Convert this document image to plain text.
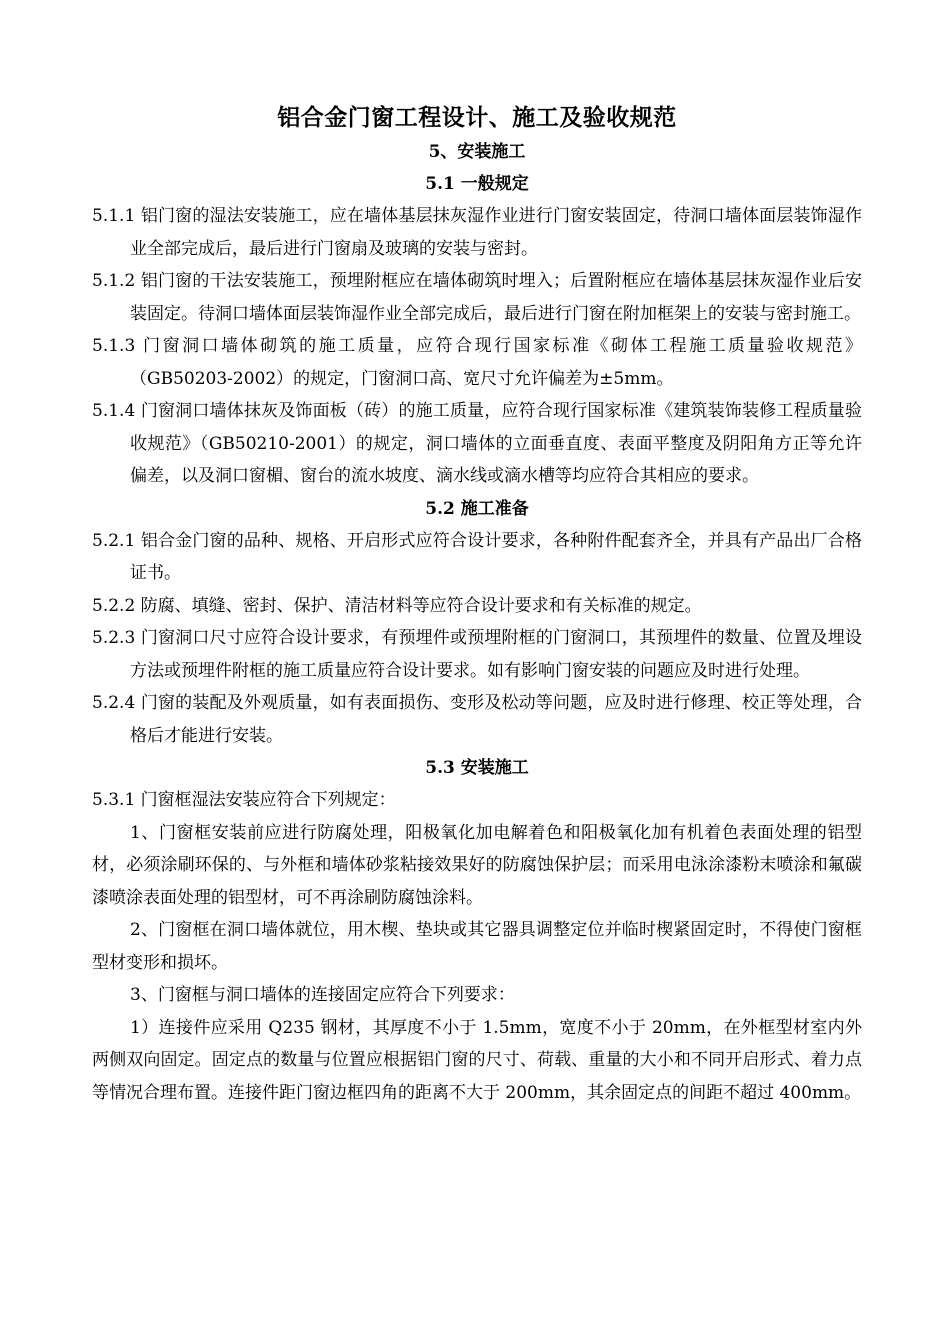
铝合金门窗工程设计、施工及验收规范
5、安装施工
5.1 一般规定

5.1.1 铝门窗的湿法安装施工，应在墙体基层抹灰湿作业进行门窗安装固定，待洞口墙体面层装饰湿作业全部完成后，最后进行门窗扇及玻璃的安装与密封。

5.1.2 铝门窗的干法安装施工，预埋附框应在墙体砌筑时埋入；后置附框应在墙体基层抹灰湿作业后安装固定。待洞口墙体面层装饰湿作业全部完成后，最后进行门窗在附加框架上的安装与密封施工。

5.1.3 门窗洞口墙体砌筑的施工质量，应符合现行国家标准《砌体工程施工质量验收规范》（GB50203-2002）的规定，门窗洞口高、宽尺寸允许偏差为±5mm。

5.1.4 门窗洞口墙体抹灰及饰面板（砖）的施工质量，应符合现行国家标准《建筑装饰装修工程质量验收规范》（GB50210-2001）的规定，洞口墙体的立面垂直度、表面平整度及阴阳角方正等允许偏差，以及洞口窗楣、窗台的流水坡度、滴水线或滴水槽等均应符合其相应的要求。

5.2 施工准备

5.2.1 铝合金门窗的品种、规格、开启形式应符合设计要求，各种附件配套齐全，并具有产品出厂合格证书。

5.2.2 防腐、填缝、密封、保护、清洁材料等应符合设计要求和有关标准的规定。

5.2.3 门窗洞口尺寸应符合设计要求，有预埋件或预埋附框的门窗洞口，其预埋件的数量、位置及埋设方法或预埋件附框的施工质量应符合设计要求。如有影响门窗安装的问题应及时进行处理。

5.2.4 门窗的装配及外观质量，如有表面损伤、变形及松动等问题，应及时进行修理、校正等处理，合格后才能进行安装。

5.3 安装施工

5.3.1 门窗框湿法安装应符合下列规定：

1、门窗框安装前应进行防腐处理，阳极氧化加电解着色和阳极氧化加有机着色表面处理的铝型材，必须涂刷环保的、与外框和墙体砂浆粘接效果好的防腐蚀保护层；而采用电泳涂漆粉末喷涂和氟碳漆喷涂表面处理的铝型材，可不再涂刷防腐蚀涂料。

2、门窗框在洞口墙体就位，用木楔、垫块或其它器具调整定位并临时楔紧固定时，不得使门窗框型材变形和损坏。

3、门窗框与洞口墙体的连接固定应符合下列要求：

1）连接件应采用 Q235 钢材，其厚度不小于 1.5mm，宽度不小于 20mm，在外框型材室内外两侧双向固定。固定点的数量与位置应根据铝门窗的尺寸、荷载、重量的大小和不同开启形式、着力点等情况合理布置。连接件距门窗边框四角的距离不大于 200mm，其余固定点的间距不超过 400mm。
